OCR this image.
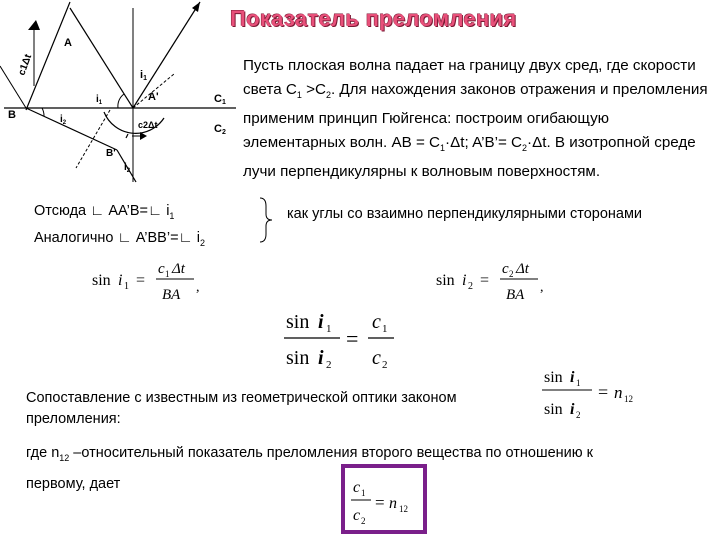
Показатель преломления
A
A'
B
B'
C1
C2
i1
$i_1$
$i_2$
$i_2$
c1Δt
c2Δt
Пусть плоская волна падает на границу двух сред, где скорости света $С_1 >С_2$. Для нахождения законов отражения и преломления применим принцип Гюйгенса: построим огибающую элементарных волн. AB = $C_1\cdot\Delta t$; A’B’= $C_2\cdot\Delta t$. В изотропной среде лучи перпендикулярны к волновым поверхностям.
Отсюда ∟ AA’B=∟ $i_1$
Аналогично ∟ A’BB’=∟ $i_2$
как углы со взаимно перпендикулярными сторонами
sin i 1 =
c 1 Δt
BA ,	sin i 2 =
c 2 Δt
BA ,
sin i 1
sin i 2
=
c 1
c 2
sin i 1
sin i 2
= n 12
Сопоставление с известным из геометрической оптики законом преломления:
где $n_{12}$ –относительный показатель преломления второго вещества по отношению к первому, дает	c 1
c 2
= n 12
